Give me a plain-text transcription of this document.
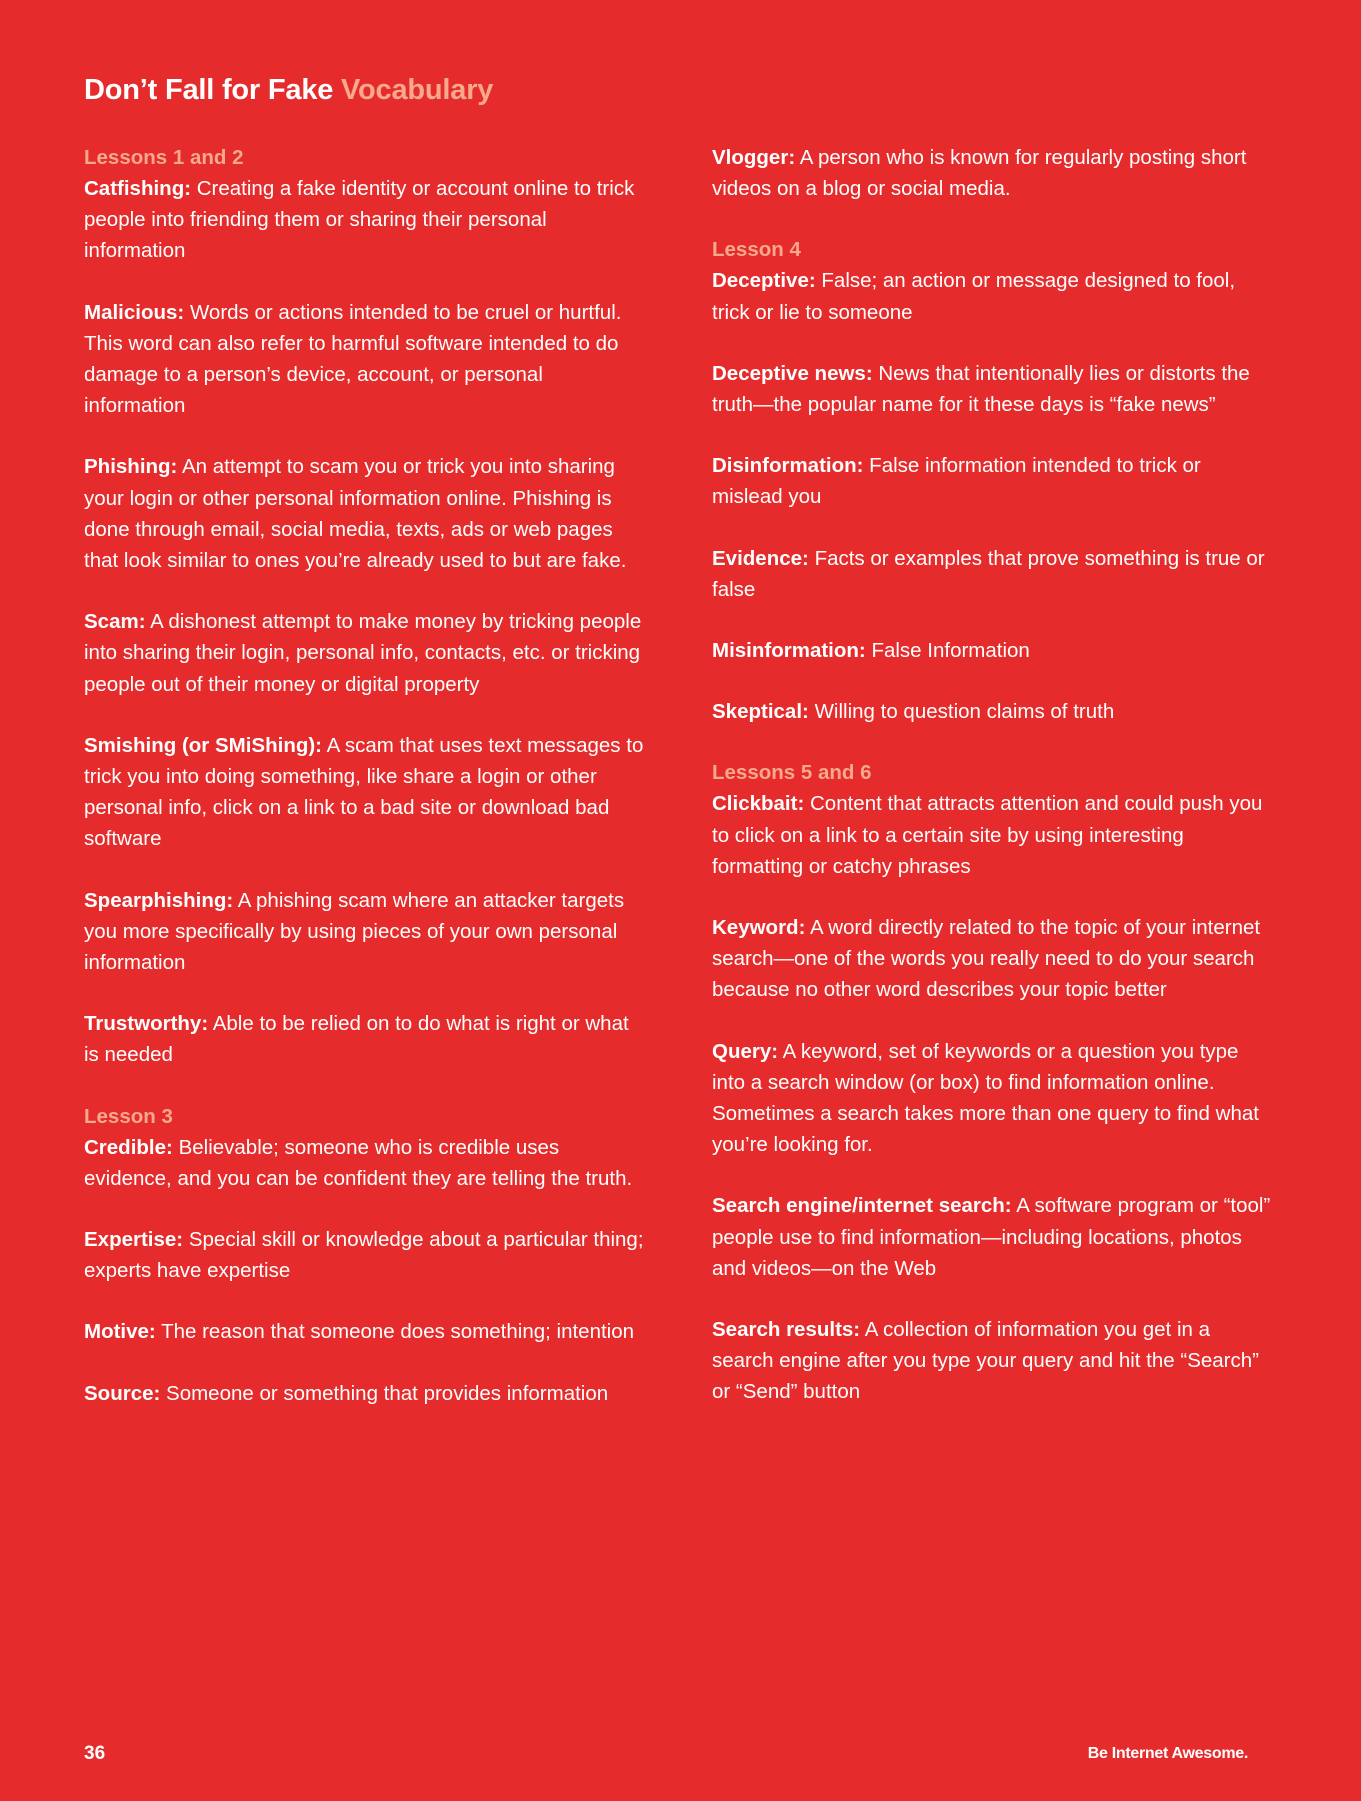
Don’t Fall for Fake Vocabulary
Lessons 1 and 2

Catfishing: Creating a fake identity or account online to trick people into friending them or sharing their personal information

Malicious: Words or actions intended to be cruel or hurtful. This word can also refer to harmful software intended to do damage to a person’s device, account, or personal information

Phishing: An attempt to scam you or trick you into sharing your login or other personal information online. Phishing is done through email, social media, texts, ads or web pages that look similar to ones you’re already used to but are fake.

Scam: A dishonest attempt to make money by tricking people into sharing their login, personal info, contacts, etc. or tricking people out of their money or digital property

Smishing (or SMiShing): A scam that uses text messages to trick you into doing something, like share a login or other personal info, click on a link to a bad site or download bad software

Spearphishing: A phishing scam where an attacker targets you more specifically by using pieces of your own personal information

Trustworthy: Able to be relied on to do what is right or what is needed

Lesson 3

Credible: Believable; someone who is credible uses evidence, and you can be confident they are telling the truth.

Expertise: Special skill or knowledge about a particular thing; experts have expertise

Motive: The reason that someone does something; intention

Source: Someone or something that provides information

Vlogger: A person who is known for regularly posting short videos on a blog or social media.

Lesson 4

Deceptive: False; an action or message designed to fool, trick or lie to someone

Deceptive news: News that intentionally lies or distorts the truth—the popular name for it these days is “fake news”

Disinformation: False information intended to trick or mislead you

Evidence: Facts or examples that prove something is true or false

Misinformation: False Information

Skeptical: Willing to question claims of truth

Lessons 5 and 6

Clickbait: Content that attracts attention and could push you to click on a link to a certain site by using interesting formatting or catchy phrases

Keyword: A word directly related to the topic of your internet search—one of the words you really need to do your search because no other word describes your topic better

Query: A keyword, set of keywords or a question you type into a search window (or box) to find information online. Sometimes a search takes more than one query to find what you’re looking for.

Search engine/internet search: A software program or “tool” people use to find information—including locations, photos and videos—on the Web

Search results: A collection of information you get in a search engine after you type your query and hit the “Search” or “Send” button

36	Be Internet Awesome.
